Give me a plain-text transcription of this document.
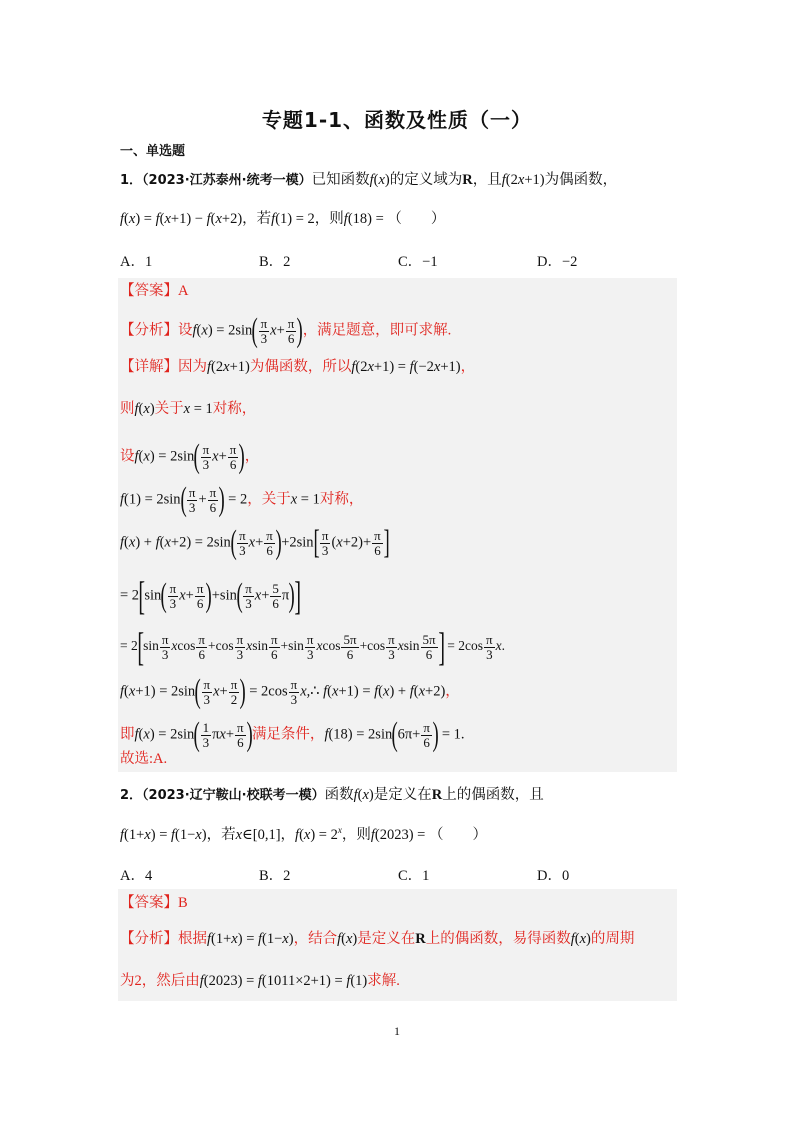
专题1-1、函数及性质（一）
一、单选题
1．（2023·江苏泰州·统考一模）已知函数f(x)的定义域为R，且f(2x+1)为偶函数，
f(x) = f(x+1) − f(x+2)，若f(1) = 2，则f(18) = （　　）
A．1	B．2	C．−1	D．−2
【答案】A
【分析】设$f(x) = 2\sin( \frac{\pi}{3} x+ \frac{\pi}{6}$ )，满足题意，即可求解.
【详解】因为f(2x+1)为偶函数，所以f(2x+1) = f(−2x+1)，
则f(x)关于x = 1对称，
设$f(x) = 2\sin( \frac{\pi}{3} x+ \frac{\pi}{6}$ )，
$f(1) = 2\sin( \frac{\pi}{3} + \frac{\pi}{6}$ ) = 2，关于x = 1对称，
$f(x) + f(x+2) = 2\sin( \frac{\pi}{3} x+ \frac{\pi}{6} )+2\sin[ \frac{\pi}{3} (x+2)+ \frac{\pi}{6}$ ]
= $2[\sin( \frac{\pi}{3} x+ \frac{\pi}{6} )+\sin( \frac{\pi}{3} x+ \frac{5}{6} \pi)]$
= $2[\sin \frac{\pi}{3}$ xcos $\frac{\pi}{6} +\cos \frac{\pi}{3}$ xsin $\frac{\pi}{6} +\sin \frac{\pi}{3}$ xcos $\frac{5\pi}{6} +\cos \frac{\pi}{3}$ xsin $\frac{5\pi}{6}$ ] = $2\cos \frac{\pi}{3} x$.
$f(x+1) = 2\sin( \frac{\pi}{3} x+ \frac{\pi}{2}$ ) = $2\cos \frac{\pi}{3}$ x,∴ f(x+1) = f(x) + f(x+2)，
即$f(x) = 2\sin( \frac{1}{3} \pi x+ \frac{\pi}{6}$ )满足条件，$f(18) = 2\sin(6\pi+ \frac{\pi}{6}$ ) = 1.
故选:A.
2．（2023·辽宁鞍山·校联考一模）函数f(x)是定义在R上的偶函数，且
f(1+x) = f(1−x)，若x∈[0,1]，$f(x) = 2^x$，则f(2023) = （　　）
A．4	B．2	C．1	D．0
【答案】B
【分析】根据f(1+x) = f(1−x)，结合f(x)是定义在R上的偶函数，易得函数f(x)的周期
为2，然后由f(2023) = f(1011×2+1) = f(1)求解.
1
